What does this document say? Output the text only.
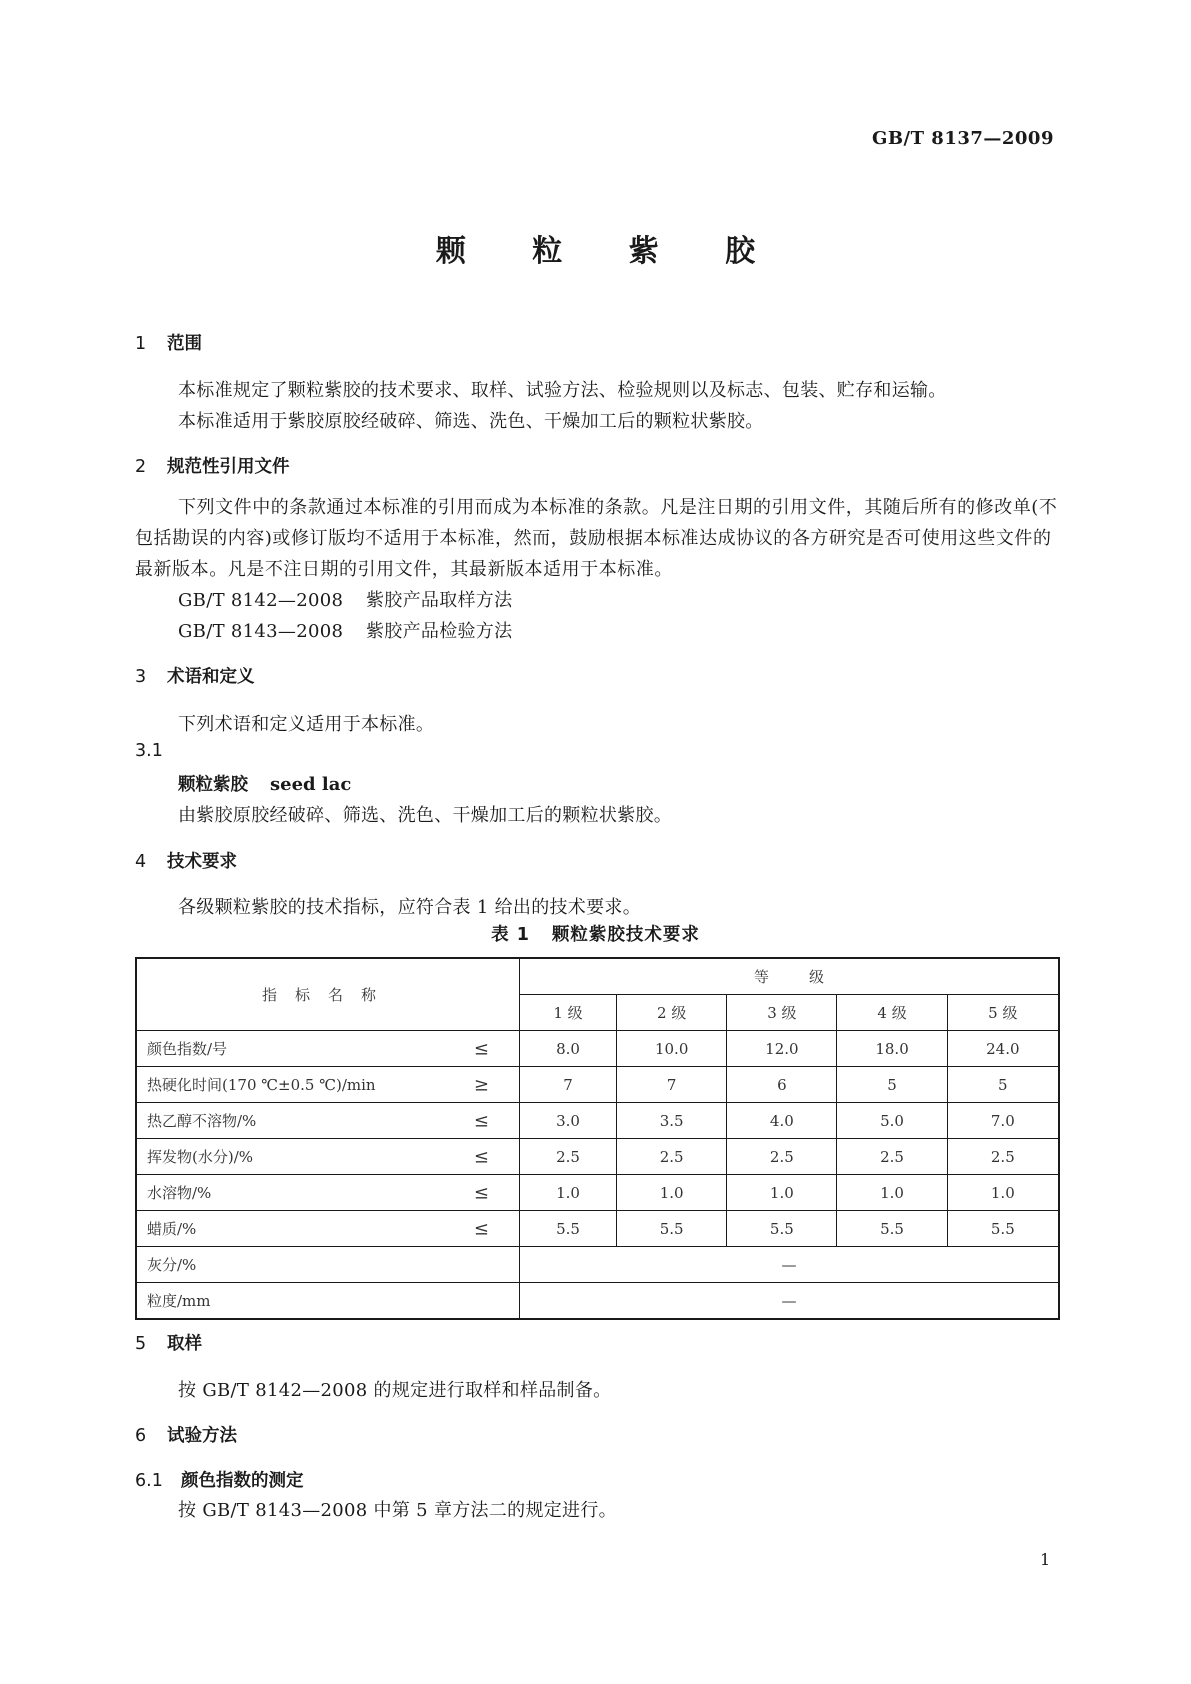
GB/T 8137—2009
颗 粒 紫 胶
1 范围
本标准规定了颗粒紫胶的技术要求、取样、试验方法、检验规则以及标志、包装、贮存和运输。
本标准适用于紫胶原胶经破碎、筛选、洗色、干燥加工后的颗粒状紫胶。
2 规范性引用文件
下列文件中的条款通过本标准的引用而成为本标准的条款。凡是注日期的引用文件，其随后所有的修改单(不包括勘误的内容)或修订版均不适用于本标准，然而，鼓励根据本标准达成协议的各方研究是否可使用这些文件的最新版本。凡是不注日期的引用文件，其最新版本适用于本标准。
GB/T 8142—2008 紫胶产品取样方法
GB/T 8143—2008 紫胶产品检验方法
3 术语和定义
下列术语和定义适用于本标准。
3.1
颗粒紫胶 seed lac
由紫胶原胶经破碎、筛选、洗色、干燥加工后的颗粒状紫胶。
4 技术要求
各级颗粒紫胶的技术指标，应符合表 1 给出的技术要求。
表 1 颗粒紫胶技术要求
指标名称	等级				
	1 级	2 级	3 级	4 级	5 级
颜色指数/号 ≤	8.0	10.0	12.0	18.0	24.0
热硬化时间(170 ℃±0.5 ℃)/min ≥	7	7	6	5	5
热乙醇不溶物/% ≤	3.0	3.5	4.0	5.0	7.0
挥发物(水分)/% ≤	2.5	2.5	2.5	2.5	2.5
水溶物/% ≤	1.0	1.0	1.0	1.0	1.0
蜡质/% ≤	5.5	5.5	5.5	5.5	5.5
灰分/%	—				
粒度/mm	—				
5 取样
按 GB/T 8142—2008 的规定进行取样和样品制备。
6 试验方法
6.1 颜色指数的测定
按 GB/T 8143—2008 中第 5 章方法二的规定进行。
1
